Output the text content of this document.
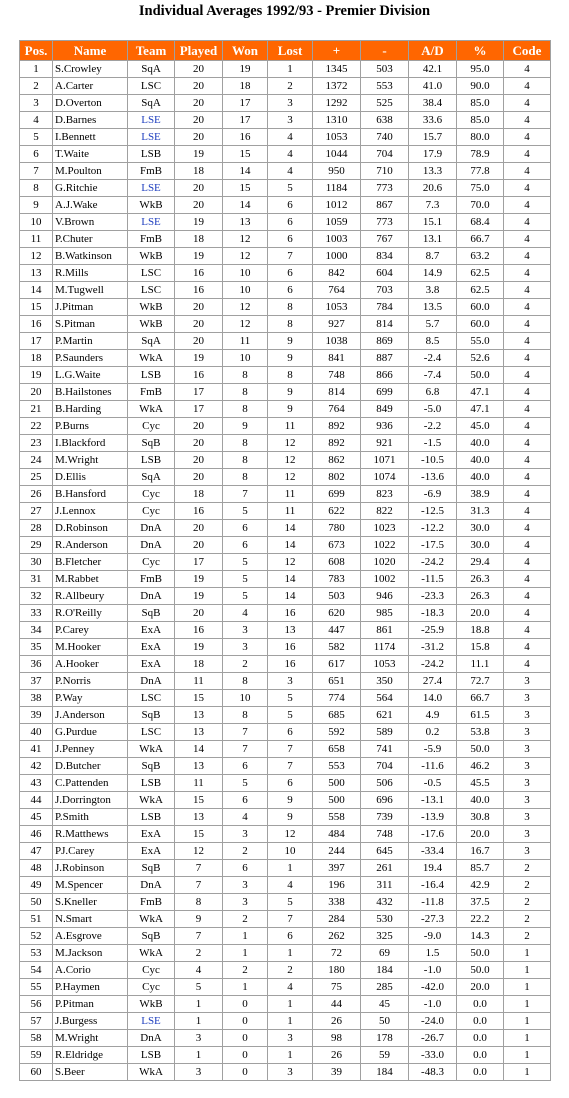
Individual Averages 1992/93 - Premier Division
Pos.	Name	Team	Played	Won	Lost	+	-	A/D	%	Code
1	S.Crowley	SqA	20	19	1	1345	503	42.1	95.0	4
2	A.Carter	LSC	20	18	2	1372	553	41.0	90.0	4
3	D.Overton	SqA	20	17	3	1292	525	38.4	85.0	4
4	D.Barnes	LSE	20	17	3	1310	638	33.6	85.0	4
5	I.Bennett	LSE	20	16	4	1053	740	15.7	80.0	4
6	T.Waite	LSB	19	15	4	1044	704	17.9	78.9	4
7	M.Poulton	FmB	18	14	4	950	710	13.3	77.8	4
8	G.Ritchie	LSE	20	15	5	1184	773	20.6	75.0	4
9	A.J.Wake	WkB	20	14	6	1012	867	7.3	70.0	4
10	V.Brown	LSE	19	13	6	1059	773	15.1	68.4	4
11	P.Chuter	FmB	18	12	6	1003	767	13.1	66.7	4
12	B.Watkinson	WkB	19	12	7	1000	834	8.7	63.2	4
13	R.Mills	LSC	16	10	6	842	604	14.9	62.5	4
14	M.Tugwell	LSC	16	10	6	764	703	3.8	62.5	4
15	J.Pitman	WkB	20	12	8	1053	784	13.5	60.0	4
16	S.Pitman	WkB	20	12	8	927	814	5.7	60.0	4
17	P.Martin	SqA	20	11	9	1038	869	8.5	55.0	4
18	P.Saunders	WkA	19	10	9	841	887	-2.4	52.6	4
19	L.G.Waite	LSB	16	8	8	748	866	-7.4	50.0	4
20	B.Hailstones	FmB	17	8	9	814	699	6.8	47.1	4
21	B.Harding	WkA	17	8	9	764	849	-5.0	47.1	4
22	P.Burns	Cyc	20	9	11	892	936	-2.2	45.0	4
23	I.Blackford	SqB	20	8	12	892	921	-1.5	40.0	4
24	M.Wright	LSB	20	8	12	862	1071	-10.5	40.0	4
25	D.Ellis	SqA	20	8	12	802	1074	-13.6	40.0	4
26	B.Hansford	Cyc	18	7	11	699	823	-6.9	38.9	4
27	J.Lennox	Cyc	16	5	11	622	822	-12.5	31.3	4
28	D.Robinson	DnA	20	6	14	780	1023	-12.2	30.0	4
29	R.Anderson	DnA	20	6	14	673	1022	-17.5	30.0	4
30	B.Fletcher	Cyc	17	5	12	608	1020	-24.2	29.4	4
31	M.Rabbet	FmB	19	5	14	783	1002	-11.5	26.3	4
32	R.Allbeury	DnA	19	5	14	503	946	-23.3	26.3	4
33	R.O'Reilly	SqB	20	4	16	620	985	-18.3	20.0	4
34	P.Carey	ExA	16	3	13	447	861	-25.9	18.8	4
35	M.Hooker	ExA	19	3	16	582	1174	-31.2	15.8	4
36	A.Hooker	ExA	18	2	16	617	1053	-24.2	11.1	4
37	P.Norris	DnA	11	8	3	651	350	27.4	72.7	3
38	P.Way	LSC	15	10	5	774	564	14.0	66.7	3
39	J.Anderson	SqB	13	8	5	685	621	4.9	61.5	3
40	G.Purdue	LSC	13	7	6	592	589	0.2	53.8	3
41	J.Penney	WkA	14	7	7	658	741	-5.9	50.0	3
42	D.Butcher	SqB	13	6	7	553	704	-11.6	46.2	3
43	C.Pattenden	LSB	11	5	6	500	506	-0.5	45.5	3
44	J.Dorrington	WkA	15	6	9	500	696	-13.1	40.0	3
45	P.Smith	LSB	13	4	9	558	739	-13.9	30.8	3
46	R.Matthews	ExA	15	3	12	484	748	-17.6	20.0	3
47	PJ.Carey	ExA	12	2	10	244	645	-33.4	16.7	3
48	J.Robinson	SqB	7	6	1	397	261	19.4	85.7	2
49	M.Spencer	DnA	7	3	4	196	311	-16.4	42.9	2
50	S.Kneller	FmB	8	3	5	338	432	-11.8	37.5	2
51	N.Smart	WkA	9	2	7	284	530	-27.3	22.2	2
52	A.Esgrove	SqB	7	1	6	262	325	-9.0	14.3	2
53	M.Jackson	WkA	2	1	1	72	69	1.5	50.0	1
54	A.Corio	Cyc	4	2	2	180	184	-1.0	50.0	1
55	P.Haymen	Cyc	5	1	4	75	285	-42.0	20.0	1
56	P.Pitman	WkB	1	0	1	44	45	-1.0	0.0	1
57	J.Burgess	LSE	1	0	1	26	50	-24.0	0.0	1
58	M.Wright	DnA	3	0	3	98	178	-26.7	0.0	1
59	R.Eldridge	LSB	1	0	1	26	59	-33.0	0.0	1
60	S.Beer	WkA	3	0	3	39	184	-48.3	0.0	1
